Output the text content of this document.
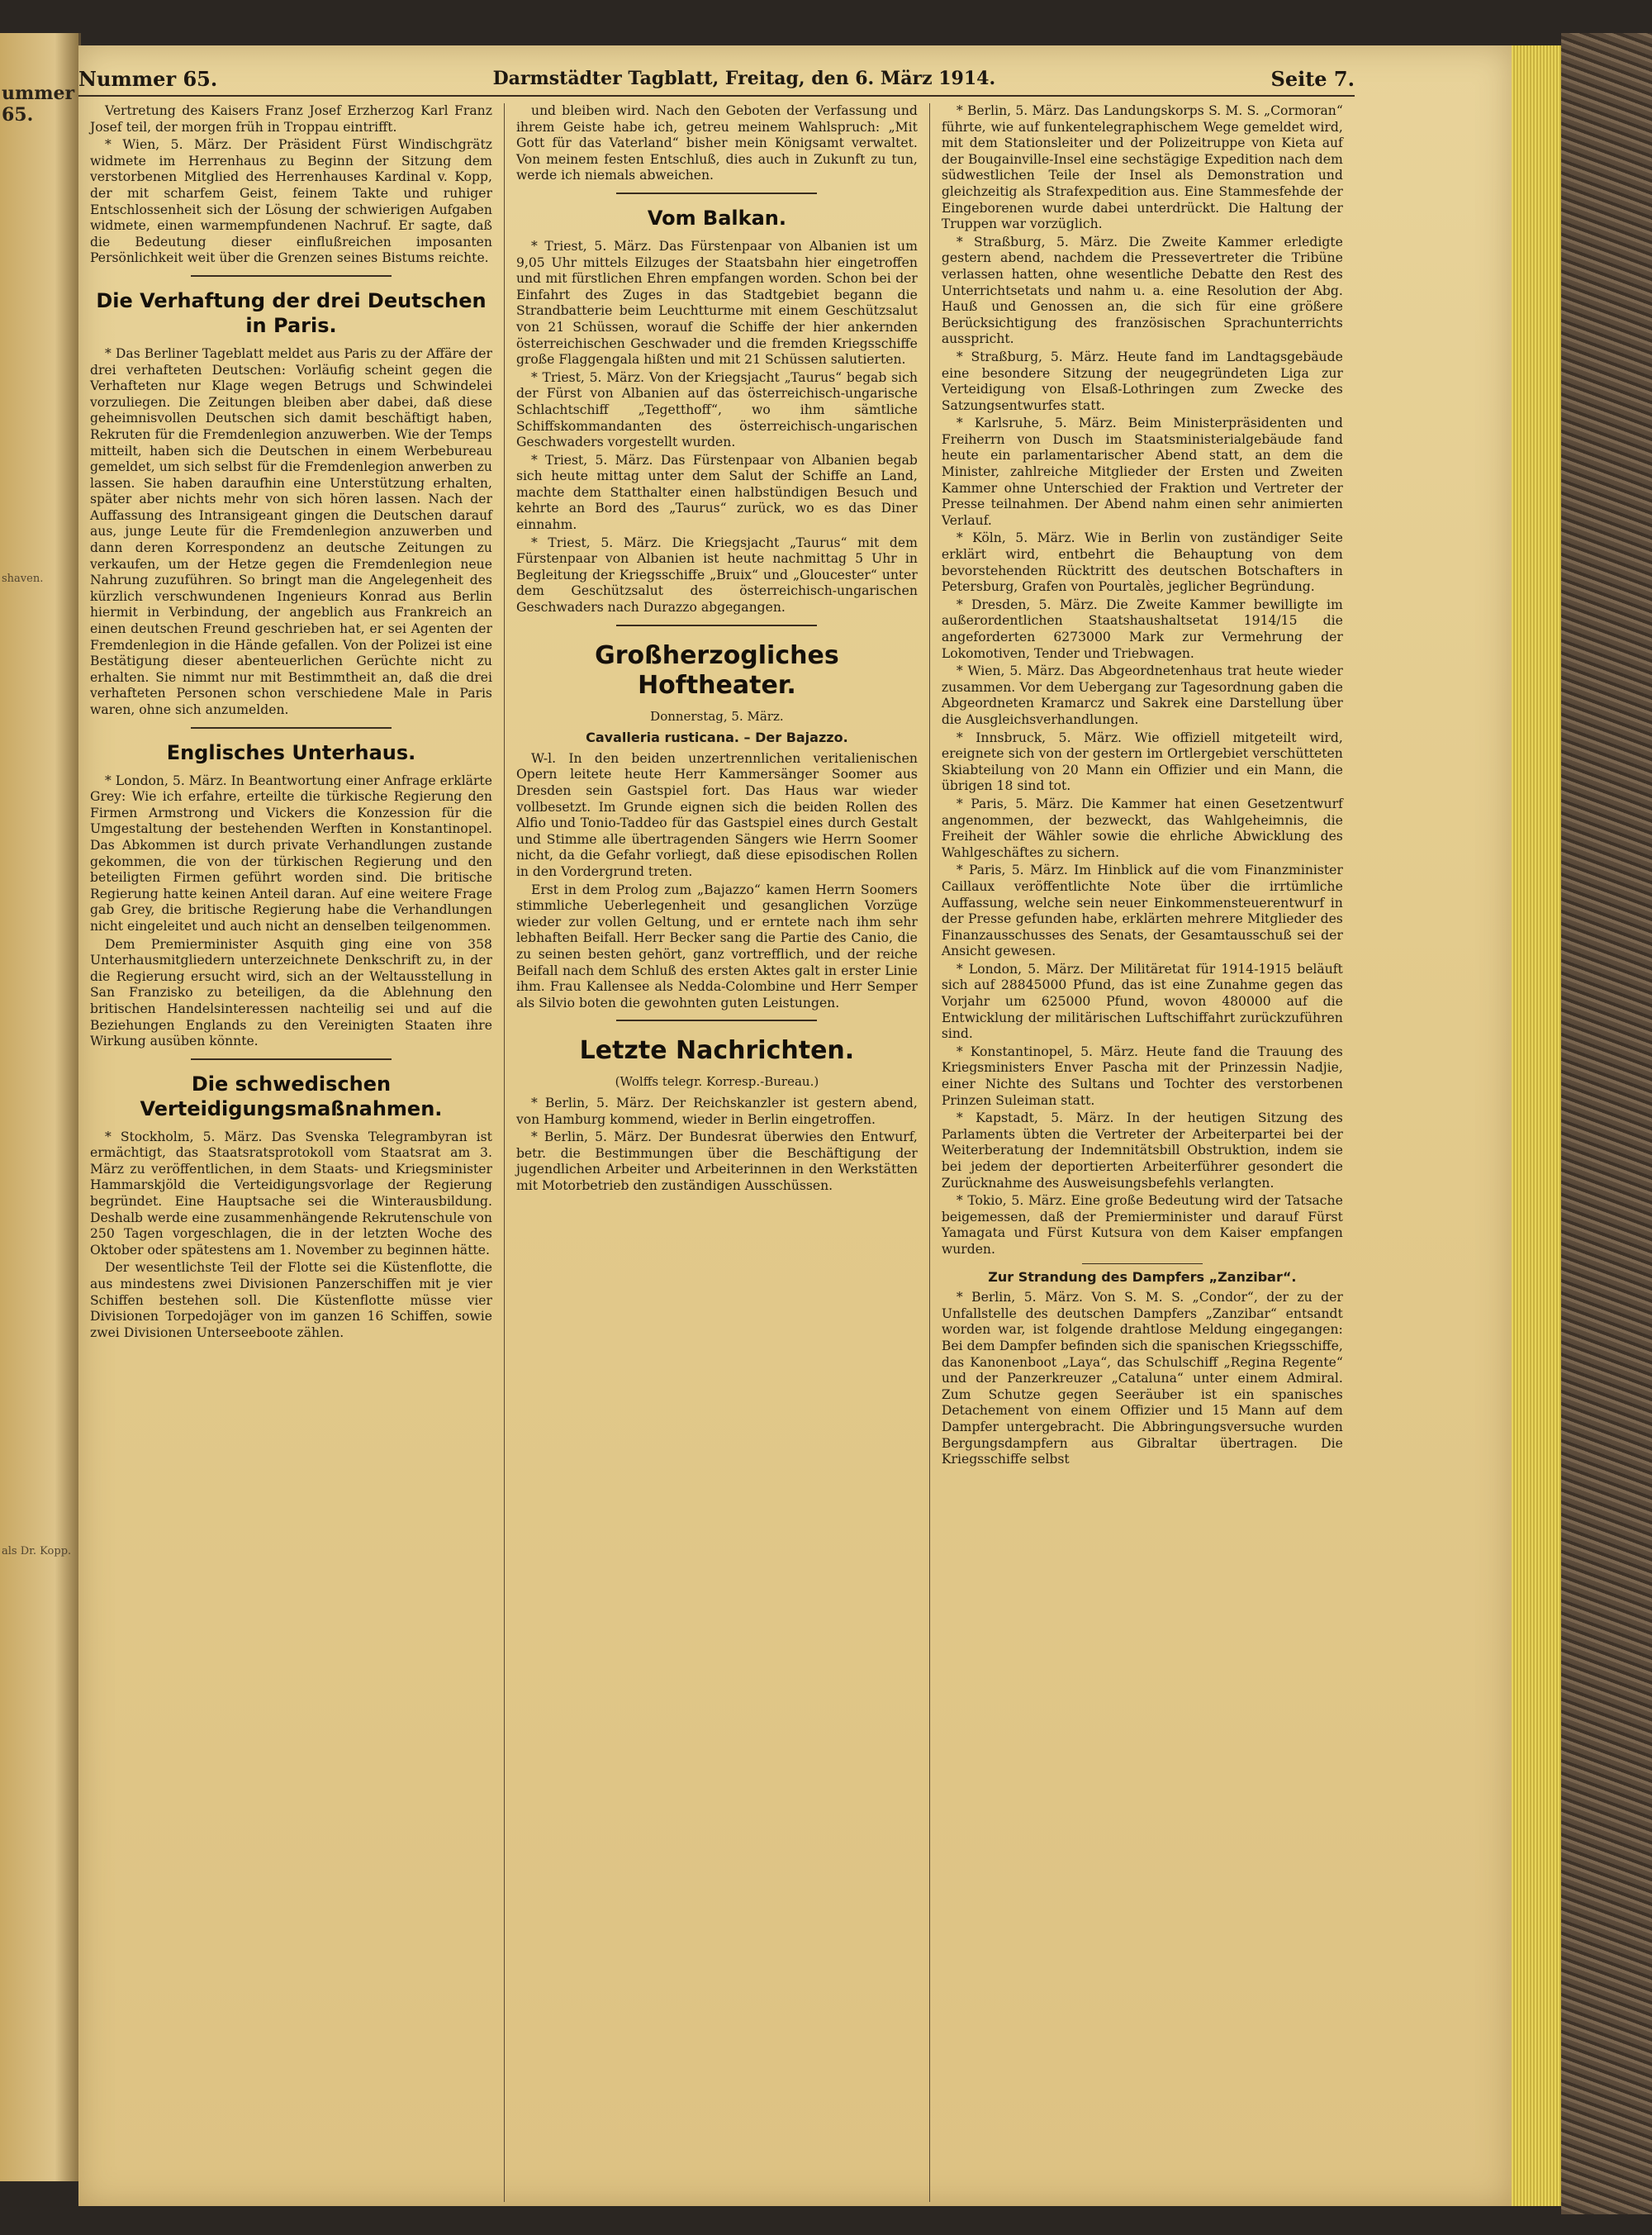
ummer 65.
shaven.
als Dr. Kopp.
Nummer 65.	Darmstädter Tagblatt, Freitag, den 6. März 1914.	Seite 7.

Vertretung des Kaisers Franz Josef Erzherzog Karl Franz Josef teil, der morgen früh in Troppau eintrifft.

* Wien, 5. März. Der Präsident Fürst Windischgrätz widmete im Herrenhaus zu Beginn der Sitzung dem verstorbenen Mitglied des Herrenhauses Kardinal v. Kopp, der mit scharfem Geist, feinem Takte und ruhiger Entschlossenheit sich der Lösung der schwierigen Aufgaben widmete, einen warmempfundenen Nachruf. Er sagte, daß die Bedeutung dieser einflußreichen imposanten Persönlichkeit weit über die Grenzen seines Bistums reichte.

Die Verhaftung der drei Deutschen in Paris.

* Das Berliner Tageblatt meldet aus Paris zu der Affäre der drei verhafteten Deutschen: Vorläufig scheint gegen die Verhafteten nur Klage wegen Betrugs und Schwindelei vorzuliegen. Die Zeitungen bleiben aber dabei, daß diese geheimnisvollen Deutschen sich damit beschäftigt haben, Rekruten für die Fremdenlegion anzuwerben. Wie der Temps mitteilt, haben sich die Deutschen in einem Werbebureau gemeldet, um sich selbst für die Fremdenlegion anwerben zu lassen. Sie haben daraufhin eine Unterstützung erhalten, später aber nichts mehr von sich hören lassen. Nach der Auffassung des Intransigeant gingen die Deutschen darauf aus, junge Leute für die Fremdenlegion anzuwerben und dann deren Korrespondenz an deutsche Zeitungen zu verkaufen, um der Hetze gegen die Fremdenlegion neue Nahrung zuzuführen. So bringt man die Angelegenheit des kürzlich verschwundenen Ingenieurs Konrad aus Berlin hiermit in Verbindung, der angeblich aus Frankreich an einen deutschen Freund geschrieben hat, er sei Agenten der Fremdenlegion in die Hände gefallen. Von der Polizei ist eine Bestätigung dieser abenteuerlichen Gerüchte nicht zu erhalten. Sie nimmt nur mit Bestimmtheit an, daß die drei verhafteten Personen schon verschiedene Male in Paris waren, ohne sich anzumelden.

Englisches Unterhaus.

* London, 5. März. In Beantwortung einer Anfrage erklärte Grey: Wie ich erfahre, erteilte die türkische Regierung den Firmen Armstrong und Vickers die Konzession für die Umgestaltung der bestehenden Werften in Konstantinopel. Das Abkommen ist durch private Verhandlungen zustande gekommen, die von der türkischen Regierung und den beteiligten Firmen geführt worden sind. Die britische Regierung hatte keinen Anteil daran. Auf eine weitere Frage gab Grey, die britische Regierung habe die Verhandlungen nicht eingeleitet und auch nicht an denselben teilgenommen.

Dem Premierminister Asquith ging eine von 358 Unterhausmitgliedern unterzeichnete Denkschrift zu, in der die Regierung ersucht wird, sich an der Weltausstellung in San Franzisko zu beteiligen, da die Ablehnung den britischen Handelsinteressen nachteilig sei und auf die Beziehungen Englands zu den Vereinigten Staaten ihre Wirkung ausüben könnte.

Die schwedischen Verteidigungsmaßnahmen.

* Stockholm, 5. März. Das Svenska Telegrambyran ist ermächtigt, das Staatsratsprotokoll vom Staatsrat am 3. März zu veröffentlichen, in dem Staats- und Kriegsminister Hammarskjöld die Verteidigungsvorlage der Regierung begründet. Eine Hauptsache sei die Winterausbildung. Deshalb werde eine zusammenhängende Rekrutenschule von 250 Tagen vorgeschlagen, die in der letzten Woche des Oktober oder spätestens am 1. November zu beginnen hätte.

Der wesentlichste Teil der Flotte sei die Küstenflotte, die aus mindestens zwei Divisionen Panzerschiffen mit je vier Schiffen bestehen soll. Die Küstenflotte müsse vier Divisionen Torpedojäger von im ganzen 16 Schiffen, sowie zwei Divisionen Unterseeboote zählen.

und bleiben wird. Nach den Geboten der Verfassung und ihrem Geiste habe ich, getreu meinem Wahlspruch: „Mit Gott für das Vaterland“ bisher mein Königsamt verwaltet. Von meinem festen Entschluß, dies auch in Zukunft zu tun, werde ich niemals abweichen.

Vom Balkan.

* Triest, 5. März. Das Fürstenpaar von Albanien ist um 9,05 Uhr mittels Eilzuges der Staatsbahn hier eingetroffen und mit fürstlichen Ehren empfangen worden. Schon bei der Einfahrt des Zuges in das Stadtgebiet begann die Strandbatterie beim Leuchtturme mit einem Geschützsalut von 21 Schüssen, worauf die Schiffe der hier ankernden österreichischen Geschwader und die fremden Kriegsschiffe große Flaggengala hißten und mit 21 Schüssen salutierten.

* Triest, 5. März. Von der Kriegsjacht „Taurus“ begab sich der Fürst von Albanien auf das österreichisch-ungarische Schlachtschiff „Tegetthoff“, wo ihm sämtliche Schiffskommandanten des österreichisch-ungarischen Geschwaders vorgestellt wurden.

* Triest, 5. März. Das Fürstenpaar von Albanien begab sich heute mittag unter dem Salut der Schiffe an Land, machte dem Statthalter einen halbstündigen Besuch und kehrte an Bord des „Taurus“ zurück, wo es das Diner einnahm.

* Triest, 5. März. Die Kriegsjacht „Taurus“ mit dem Fürstenpaar von Albanien ist heute nachmittag 5 Uhr in Begleitung der Kriegsschiffe „Bruix“ und „Gloucester“ unter dem Geschützsalut des österreichisch-ungarischen Geschwaders nach Durazzo abgegangen.

Großherzogliches Hoftheater.
Donnerstag, 5. März.
Cavalleria rusticana. – Der Bajazzo.

W-l. In den beiden unzertrennlichen veritalienischen Opern leitete heute Herr Kammersänger Soomer aus Dresden sein Gastspiel fort. Das Haus war wieder vollbesetzt. Im Grunde eignen sich die beiden Rollen des Alfio und Tonio-Taddeo für das Gastspiel eines durch Gestalt und Stimme alle übertragenden Sängers wie Herrn Soomer nicht, da die Gefahr vorliegt, daß diese episodischen Rollen in den Vordergrund treten.

Erst in dem Prolog zum „Bajazzo“ kamen Herrn Soomers stimmliche Ueberlegenheit und gesanglichen Vorzüge wieder zur vollen Geltung, und er erntete nach ihm sehr lebhaften Beifall. Herr Becker sang die Partie des Canio, die zu seinen besten gehört, ganz vortrefflich, und der reiche Beifall nach dem Schluß des ersten Aktes galt in erster Linie ihm. Frau Kallensee als Nedda-Colombine und Herr Semper als Silvio boten die gewohnten guten Leistungen.

Letzte Nachrichten.
(Wolffs telegr. Korresp.-Bureau.)

* Berlin, 5. März. Der Reichskanzler ist gestern abend, von Hamburg kommend, wieder in Berlin eingetroffen.

* Berlin, 5. März. Der Bundesrat überwies den Entwurf, betr. die Bestimmungen über die Beschäftigung der jugendlichen Arbeiter und Arbeiterinnen in den Werkstätten mit Motorbetrieb den zuständigen Ausschüssen.

* Berlin, 5. März. Das Landungskorps S. M. S. „Cormoran“ führte, wie auf funkentelegraphischem Wege gemeldet wird, mit dem Stationsleiter und der Polizeitruppe von Kieta auf der Bougainville-Insel eine sechstägige Expedition nach dem südwestlichen Teile der Insel als Demonstration und gleichzeitig als Strafexpedition aus. Eine Stammesfehde der Eingeborenen wurde dabei unterdrückt. Die Haltung der Truppen war vorzüglich.

* Straßburg, 5. März. Die Zweite Kammer erledigte gestern abend, nachdem die Pressevertreter die Tribüne verlassen hatten, ohne wesentliche Debatte den Rest des Unterrichtsetats und nahm u. a. eine Resolution der Abg. Hauß und Genossen an, die sich für eine größere Berücksichtigung des französischen Sprachunterrichts ausspricht.

* Straßburg, 5. März. Heute fand im Landtagsgebäude eine besondere Sitzung der neugegründeten Liga zur Verteidigung von Elsaß-Lothringen zum Zwecke des Satzungsentwurfes statt.

* Karlsruhe, 5. März. Beim Ministerpräsidenten und Freiherrn von Dusch im Staatsministerialgebäude fand heute ein parlamentarischer Abend statt, an dem die Minister, zahlreiche Mitglieder der Ersten und Zweiten Kammer ohne Unterschied der Fraktion und Vertreter der Presse teilnahmen. Der Abend nahm einen sehr animierten Verlauf.

* Köln, 5. März. Wie in Berlin von zuständiger Seite erklärt wird, entbehrt die Behauptung von dem bevorstehenden Rücktritt des deutschen Botschafters in Petersburg, Grafen von Pourtalès, jeglicher Begründung.

* Dresden, 5. März. Die Zweite Kammer bewilligte im außerordentlichen Staatshaushaltsetat 1914/15 die angeforderten 6273000 Mark zur Vermehrung der Lokomotiven, Tender und Triebwagen.

* Wien, 5. März. Das Abgeordnetenhaus trat heute wieder zusammen. Vor dem Uebergang zur Tagesordnung gaben die Abgeordneten Kramarcz und Sakrek eine Darstellung über die Ausgleichsverhandlungen.

* Innsbruck, 5. März. Wie offiziell mitgeteilt wird, ereignete sich von der gestern im Ortlergebiet verschütteten Skiabteilung von 20 Mann ein Offizier und ein Mann, die übrigen 18 sind tot.

* Paris, 5. März. Die Kammer hat einen Gesetzentwurf angenommen, der bezweckt, das Wahlgeheimnis, die Freiheit der Wähler sowie die ehrliche Abwicklung des Wahlgeschäftes zu sichern.

* Paris, 5. März. Im Hinblick auf die vom Finanzminister Caillaux veröffentlichte Note über die irrtümliche Auffassung, welche sein neuer Einkommensteuerentwurf in der Presse gefunden habe, erklärten mehrere Mitglieder des Finanzausschusses des Senats, der Gesamtausschuß sei der Ansicht gewesen.

* London, 5. März. Der Militäretat für 1914-1915 beläuft sich auf 28845000 Pfund, das ist eine Zunahme gegen das Vorjahr um 625000 Pfund, wovon 480000 auf die Entwicklung der militärischen Luftschiffahrt zurückzuführen sind.

* Konstantinopel, 5. März. Heute fand die Trauung des Kriegsministers Enver Pascha mit der Prinzessin Nadjie, einer Nichte des Sultans und Tochter des verstorbenen Prinzen Suleiman statt.

* Kapstadt, 5. März. In der heutigen Sitzung des Parlaments übten die Vertreter der Arbeiterpartei bei der Weiterberatung der Indemnitätsbill Obstruktion, indem sie bei jedem der deportierten Arbeiterführer gesondert die Zurücknahme des Ausweisungsbefehls verlangten.

* Tokio, 5. März. Eine große Bedeutung wird der Tatsache beigemessen, daß der Premierminister und darauf Fürst Yamagata und Fürst Kutsura von dem Kaiser empfangen wurden.

Zur Strandung des Dampfers „Zanzibar“.

* Berlin, 5. März. Von S. M. S. „Condor“, der zu der Unfallstelle des deutschen Dampfers „Zanzibar“ entsandt worden war, ist folgende drahtlose Meldung eingegangen: Bei dem Dampfer befinden sich die spanischen Kriegsschiffe, das Kanonenboot „Laya“, das Schulschiff „Regina Regente“ und der Panzerkreuzer „Cataluna“ unter einem Admiral. Zum Schutze gegen Seeräuber ist ein spanisches Detachement von einem Offizier und 15 Mann auf dem Dampfer untergebracht. Die Abbringungsversuche wurden Bergungsdampfern aus Gibraltar übertragen. Die Kriegsschiffe selbst
